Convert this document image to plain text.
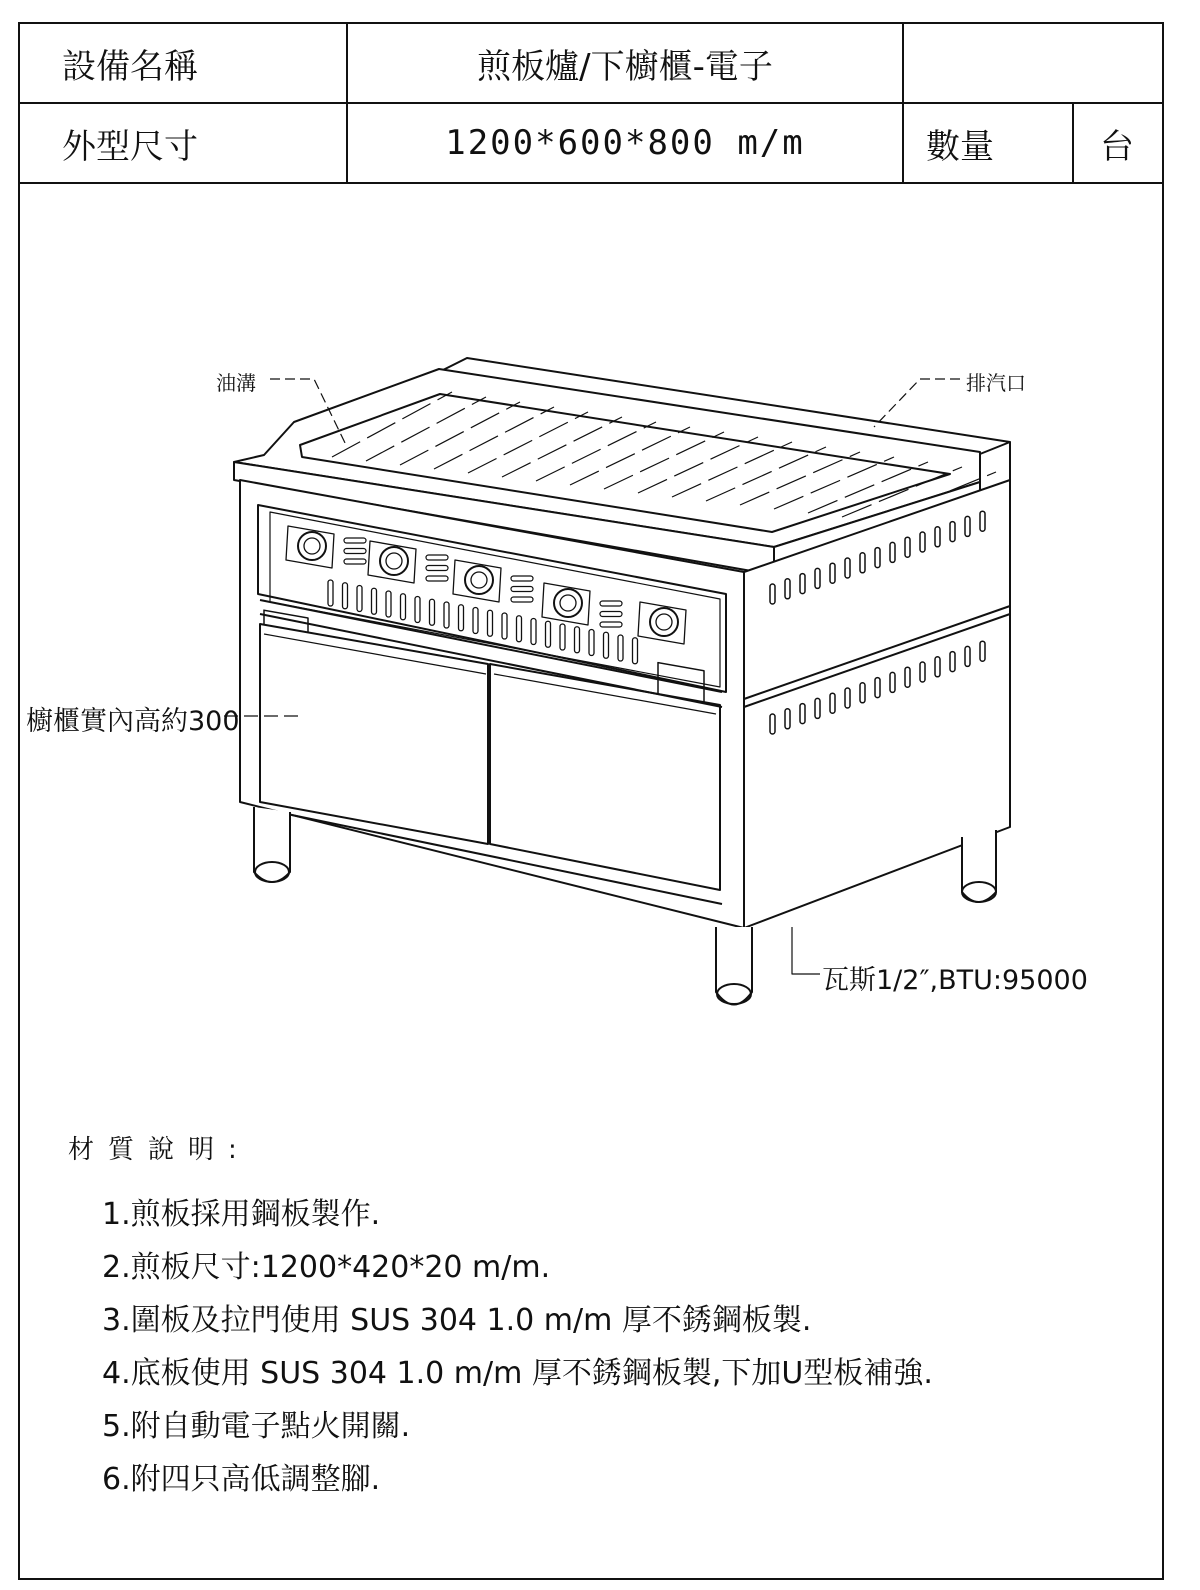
設備名稱	煎板爐/下櫥櫃-電子		
外型尺寸	1200*600*800 m/m	數量	台
油溝	排汽口
櫥櫃實內高約300
瓦斯1/2″,BTU:95000
材質說明:
1.煎板採用鋼板製作.
2.煎板尺寸:1200*420*20 m/m.
3.圍板及拉門使用 SUS 304 1.0 m/m 厚不銹鋼板製.
4.底板使用 SUS 304 1.0 m/m 厚不銹鋼板製,下加U型板補強.
5.附自動電子點火開關.
6.附四只高低調整腳.
